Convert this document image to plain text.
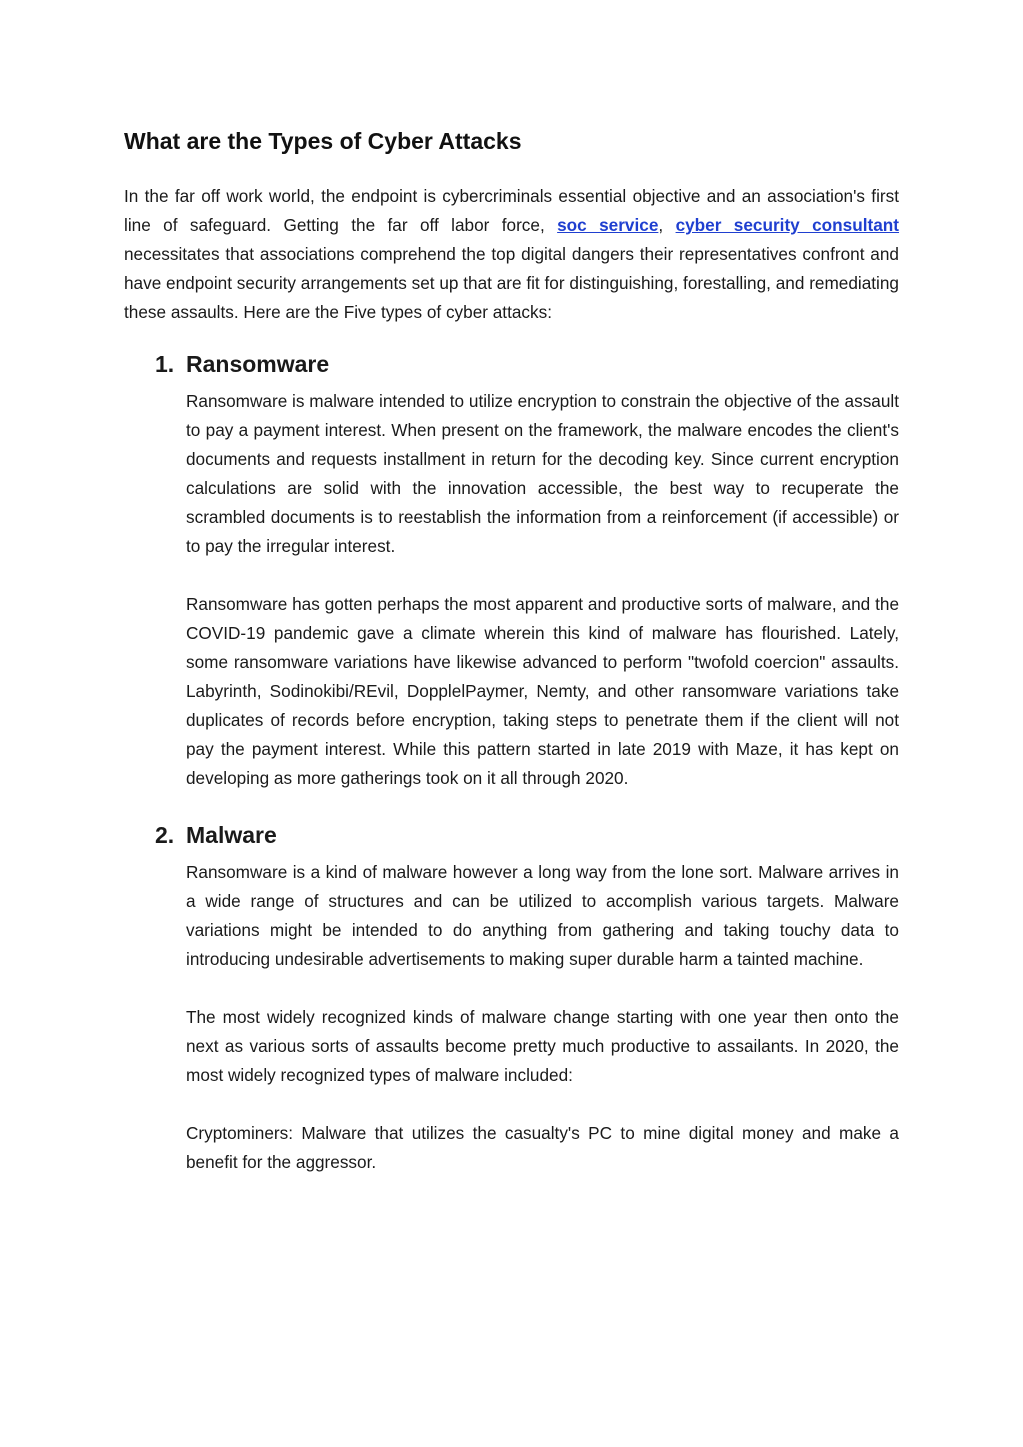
What are the Types of Cyber Attacks

In the far off work world, the endpoint is cybercriminals essential objective and an association's first line of safeguard. Getting the far off labor force, soc service, cyber security consultant necessitates that associations comprehend the top digital dangers their representatives confront and have endpoint security arrangements set up that are fit for distinguishing, forestalling, and remediating these assaults. Here are the Five types of cyber attacks:

1. Ransomware

Ransomware is malware intended to utilize encryption to constrain the objective of the assault to pay a payment interest. When present on the framework, the malware encodes the client's documents and requests installment in return for the decoding key. Since current encryption calculations are solid with the innovation accessible, the best way to recuperate the scrambled documents is to reestablish the information from a reinforcement (if accessible) or to pay the irregular interest.

Ransomware has gotten perhaps the most apparent and productive sorts of malware, and the COVID-19 pandemic gave a climate wherein this kind of malware has flourished. Lately, some ransomware variations have likewise advanced to perform "twofold coercion" assaults. Labyrinth, Sodinokibi/REvil, DopplelPaymer, Nemty, and other ransomware variations take duplicates of records before encryption, taking steps to penetrate them if the client will not pay the payment interest. While this pattern started in late 2019 with Maze, it has kept on developing as more gatherings took on it all through 2020.

2. Malware

Ransomware is a kind of malware however a long way from the lone sort. Malware arrives in a wide range of structures and can be utilized to accomplish various targets. Malware variations might be intended to do anything from gathering and taking touchy data to introducing undesirable advertisements to making super durable harm a tainted machine.

The most widely recognized kinds of malware change starting with one year then onto the next as various sorts of assaults become pretty much productive to assailants. In 2020, the most widely recognized types of malware included:

Cryptominers: Malware that utilizes the casualty's PC to mine digital money and make a benefit for the aggressor.
